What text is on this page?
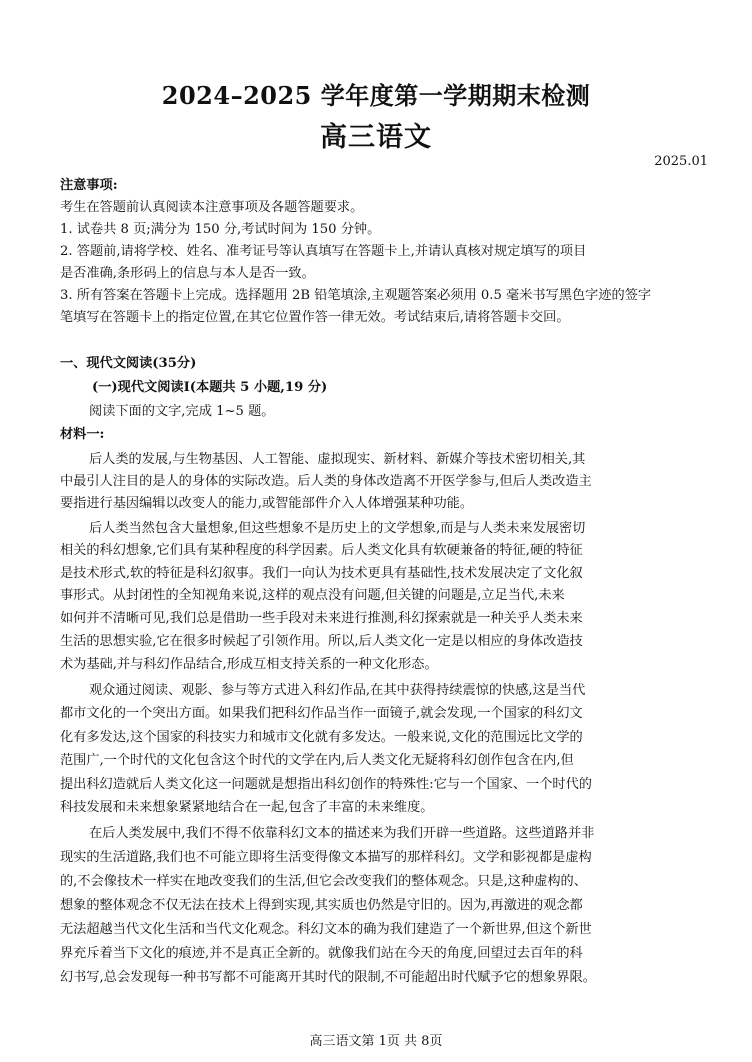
2024–2025 学年度第一学期期末检测
高三语文
2025.01
注意事项:
考生在答题前认真阅读本注意事项及各题答题要求。
1. 试卷共 8 页;满分为 150 分,考试时间为 150 分钟。
2. 答题前,请将学校、姓名、准考证号等认真填写在答题卡上,并请认真核对规定填写的项目
是否准确,条形码上的信息与本人是否一致。
3. 所有答案在答题卡上完成。选择题用 2B 铅笔填涂,主观题答案必须用 0.5 毫米书写黑色字迹的签字
笔填写在答题卡上的指定位置,在其它位置作答一律无效。考试结束后,请将答题卡交回。
一、现代文阅读(35分)
(一)现代文阅读Ⅰ(本题共 5 小题,19 分)
阅读下面的文字,完成 1~5 题。
材料一:
后人类的发展,与生物基因、人工智能、虚拟现实、新材料、新媒介等技术密切相关,其
中最引人注目的是人的身体的实际改造。后人类的身体改造离不开医学参与,但后人类改造主
要指进行基因编辑以改变人的能力,或智能部件介入人体增强某种功能。
后人类当然包含大量想象,但这些想象不是历史上的文学想象,而是与人类未来发展密切
相关的科幻想象,它们具有某种程度的科学因素。后人类文化具有软硬兼备的特征,硬的特征
是技术形式,软的特征是科幻叙事。我们一向认为技术更具有基础性,技术发展决定了文化叙
事形式。从封闭性的全知视角来说,这样的观点没有问题,但关键的问题是,立足当代,未来
如何并不清晰可见,我们总是借助一些手段对未来进行推测,科幻探索就是一种关乎人类未来
生活的思想实验,它在很多时候起了引领作用。所以,后人类文化一定是以相应的身体改造技
术为基础,并与科幻作品结合,形成互相支持关系的一种文化形态。
观众通过阅读、观影、参与等方式进入科幻作品,在其中获得持续震惊的快感,这是当代
都市文化的一个突出方面。如果我们把科幻作品当作一面镜子,就会发现,一个国家的科幻文
化有多发达,这个国家的科技实力和城市文化就有多发达。一般来说,文化的范围远比文学的
范围广,一个时代的文化包含这个时代的文学在内,后人类文化无疑将科幻创作包含在内,但
提出科幻造就后人类文化这一问题就是想指出科幻创作的特殊性:它与一个国家、一个时代的
科技发展和未来想象紧紧地结合在一起,包含了丰富的未来维度。
在后人类发展中,我们不得不依靠科幻文本的描述来为我们开辟一些道路。这些道路并非
现实的生活道路,我们也不可能立即将生活变得像文本描写的那样科幻。文学和影视都是虚构
的,不会像技术一样实在地改变我们的生活,但它会改变我们的整体观念。只是,这种虚构的、
想象的整体观念不仅无法在技术上得到实现,其实质也仍然是守旧的。因为,再激进的观念都
无法超越当代文化生活和当代文化观念。科幻文本的确为我们建造了一个新世界,但这个新世
界充斥着当下文化的痕迹,并不是真正全新的。就像我们站在今天的角度,回望过去百年的科
幻书写,总会发现每一种书写都不可能离开其时代的限制,不可能超出时代赋予它的想象界限。
高三语文第 1页 共 8页
